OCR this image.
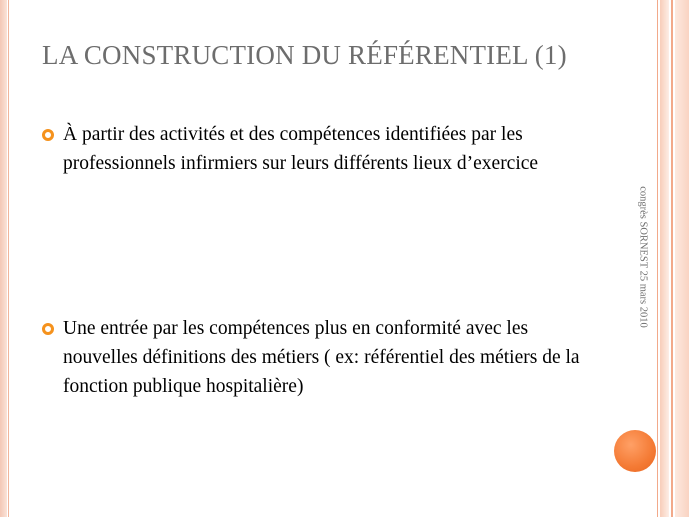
LA CONSTRUCTION DU RÉFÉRENTIEL (1)
À partir des activités et des compétences identifiées par les professionnels infirmiers sur leurs différents lieux d’exercice
Une entrée par les compétences plus en conformité avec les nouvelles définitions des métiers ( ex: référentiel des métiers de la fonction publique hospitalière)
congrès SORNEST 25 mars 2010
